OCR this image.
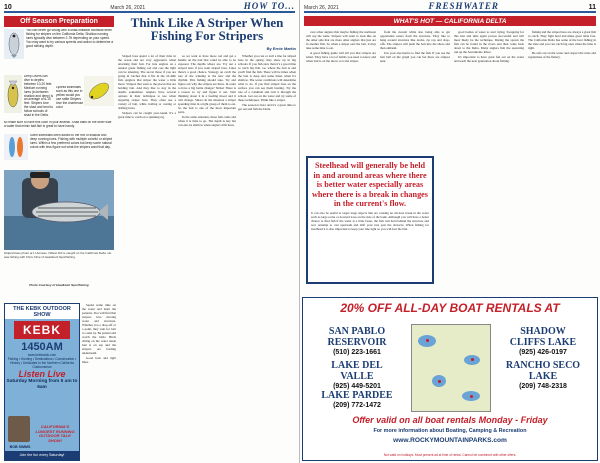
10	March 26, 2021	HOW TO...
Off Season Preparation
You can never go wrong with a shad-imitation swimbait when fishing for stripers on the California Delta. Shallow running lures typically dive between 2-7ft depending on your speed. You may want to try various speeds and action to determine a good striking depth.
Deep Divers can dive to depths between 10-20 feet. Medium running lures (in-between shallow and deep) is an average of 6-10 feet. Stripers love the shad and tend to follow schools of shad in the Delta.
Lipless swimbaits such as this one in yellow would you use rattle Stripers love the chartreuse color
so make sure to have this color in your arsenal. Shad baits on the other side a water that mimic bait-fish is great to have handy.
Swim swimbaits often added to the mix of shallow and deep running lures. Fishing with multiple colorful or striped lures. Within a few preferred colors but keep some natural colors with less flgure out what the stripers want that day.
Striped bass photo at Lt Aeneas. Oldest fish is caught on the California Delta. He was fishing with Chris Cline of HeadHunt Sportfishing.
Photo Courtesy of HeadHunt Sportfishing
Think Like A Striper When Fishing For Stripers
By Ernie Martin

Striped bass spend a lot of their time in the ocean and are very aggressive when attacking their bait. For lure anglers on a natural grade fishing rod and cast the light can be amazing. The secret those if you are going in catches that it fits in the 10-40lb fish. Anglers that striper the water a little more. Stripers that want to the places that are holding bait. And they like to stay in the depths sometimes. Anglers have several options in their technique to use when targeting striper bass. They often use a variety of bait, while trolling or casting or drifting lures.

Stripers can be caught year-round. It's a great time to catch on a spinning rig.

so we want to have more rod and get a handle on the bait that could be able to be exposed. The depths where are. Try out a striped bass if you want striped bass. Lines there's a good chance. Strategy on catch the rate of the winning at the new and the rhythm. This fishing should take. Try and figure out why the stripers are there. In order to have a big battle change? Strike! There is a reason so try and figure it out. Start thinking about it in a feeding mood and it will change. Smart. In the situation a striper spending time in a tight group of them to eat. So the bait is one of the most important parts.

In the same situation, these fish come and when it is time to go. The depth is key but can also be shallow when anglers drift lures.

Whether you cast or troll a line for striped bass in the spring, they show up in big schools. If you fish slow then it's a good time to catch big fish. Go where the bait is and you'll find the fish. There will be times when the bait is deep and some times when it's shallow. The water conditions will determine what to do. If you find striped bass on the surface you can see them busting. Try the rate of a crankbait and troll it through the school. Get out on the water and try some of these techniques. Think like a striper.

The season is here and it's a great time to get out and fish the Delta.

Spend some time on the water and learn the patterns. You will find that stripers love moving water and structure. Whether it is a drop-off or a point, they wait for bait to come by. Be patient and watch the birds. Birds diving on the water mean bait is on top and the stripers are feeding underneath.

Good luck and tight lines.

THE KEBK OUTDOOR SHOW
KEBK
1450AM
www.kebkradio.com
Fishing • Hunting • Destinations • Conservation • History • Dedicated to the Northern California Outdoorsman
Listen Live
Saturday Morning from 5 am to 6am
BOB SIMMS
CALIFORNIA'S LONGEST RUNNING OUTDOOR TALK SHOW!
Join the fun every Saturday!
March 26, 2021	FRESHWATER	11
WHAT'S HOT — CALIFORNIA DELTA

over other anglers that maybe fishing the northeast will say the same. Stripers will want to look like on the other side that are more other anglers that just are in another fish. So when a striper eats the bait, it may take some time to eat.

A good fishing guide will tell you that stripers are smart. They have a lot of habits you need to know and when bait is on the move so is the striper.

from the current while also being able to get opportunist eaters from the structure. They like to hang around structure like docks, rip rap and drop-offs. The stripers will push the bait into the shore and then ambush.

Use your electronics to find the fish. If you see the bait ball on the graph you can bet there are stripers near.

good bodies of water to start trying. Swapping for this lure and time again proves successful and will most likely be the technique. During the spawn the fish can be found in the rivers and then come back down to the Delta. Many anglers fish the spawning run up the Sacramento River.

It's important to have great fun out on the water and teach the next generation about fishing.

fishing and the striped bass are always a great fish to catch. They fight hard and make great table fare. The California Delta has some of the best fishing in the state and you can catch big ones when the time is right.

Be safe out on the water and respect the rules and regulations of the fishery.

Steelhead will generally be held in and around areas where there is better water especially areas where there is a break in changes in the current's flow.
It can also be useful to target large objects that are causing an obvious break in the water such as large rocks or downed trees on the side of the bank. Although you will have a better chance to find fish if the water is a little faster, the fish will hold behind the structure and rest. Attempt to cast upstream and drift your lure past the obstacle. When fishing for steelhead it is also important to keep your line tight so you will feel the bite.
20% OFF ALL-DAY BOAT RENTALS AT
SAN PABLO RESERVOIR
(510) 223-1661
SHADOW CLIFFS LAKE
(925) 426-0197
LAKE DEL VALLE
(925) 449-5201
RANCHO SECO LAKE
(209) 748-2318
LAKE PARDEE
(209) 772-1472
Offer valid on all boat rentals Monday - Friday
For more information about Boating, Camping & Recreation
www.ROCKYMOUNTAINPARKS.com
Not valid on holidays. Must present ad at time of rental. Cannot be combined with other offers.
